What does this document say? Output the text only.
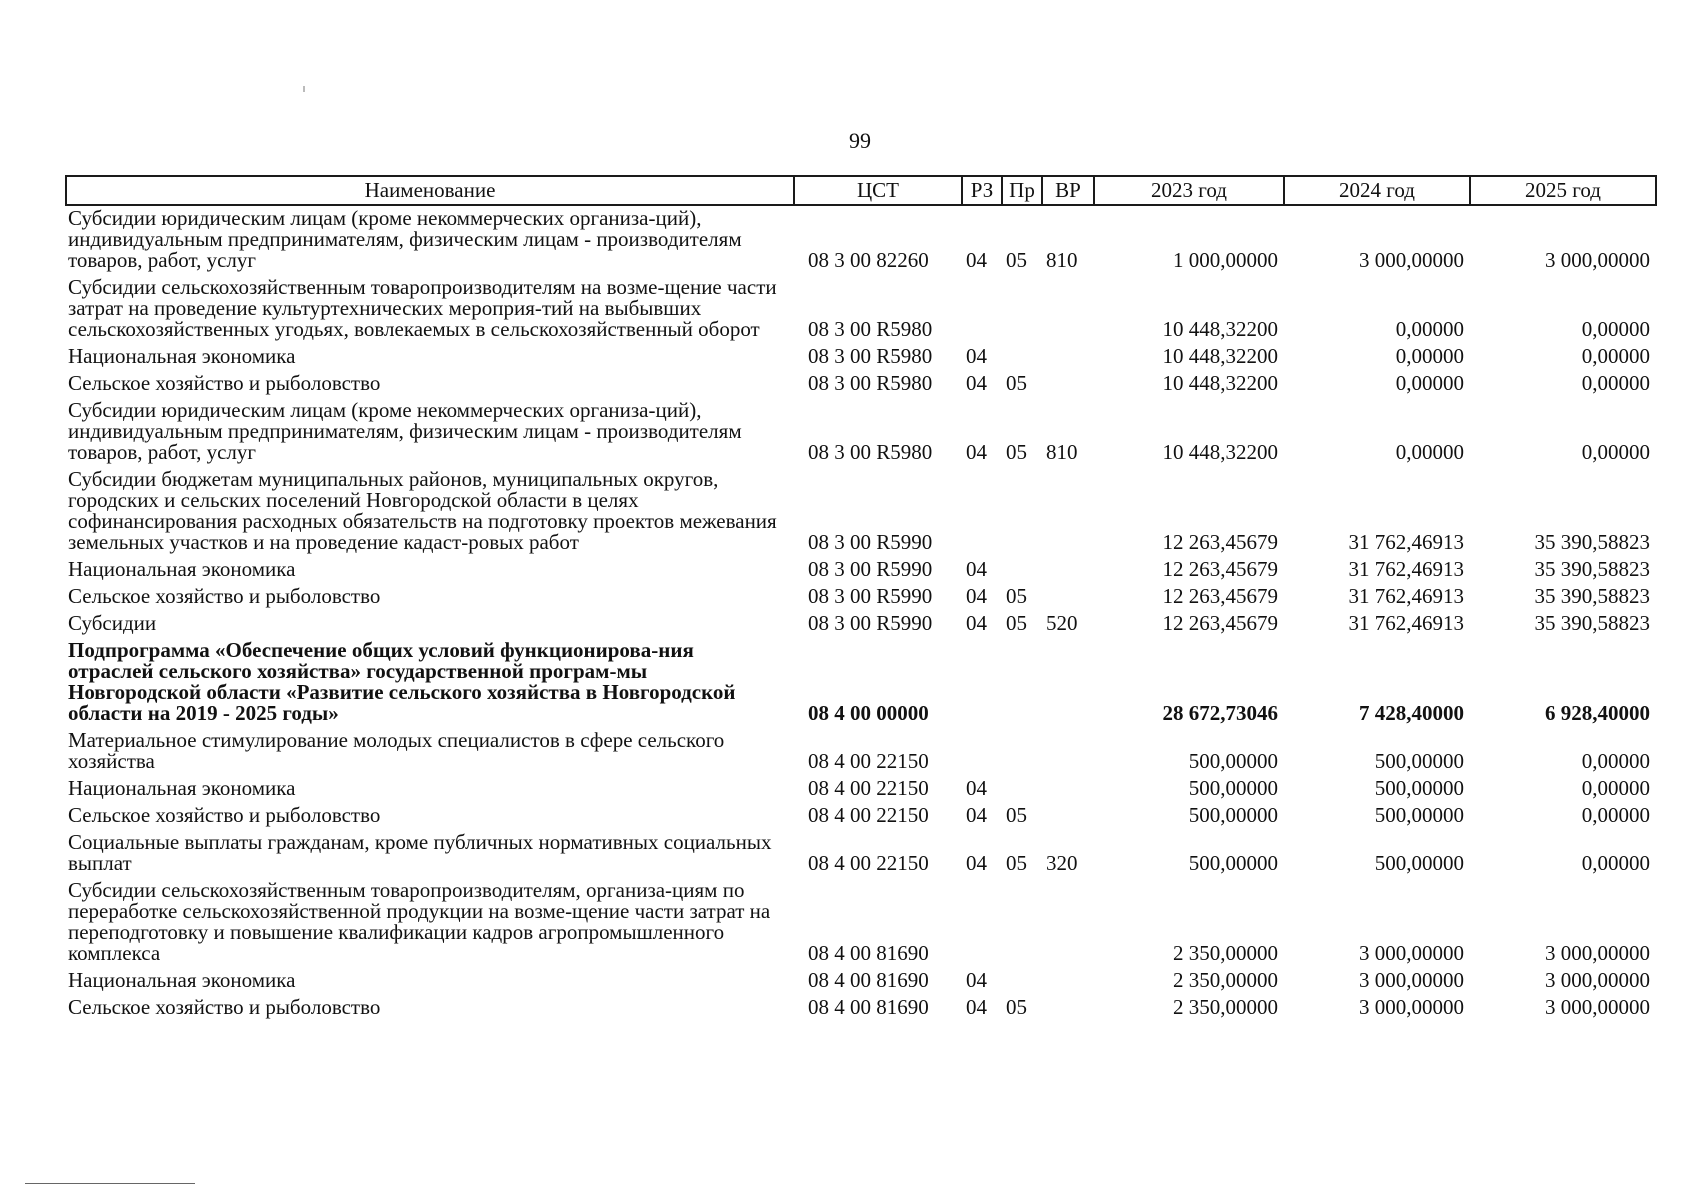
99
Наименование	ЦСТ	РЗ	Пр	ВР	2023 год	2024 год	2025 год
Субсидии юридическим лицам (кроме некоммерческих организа-ций), индивидуальным предпринимателям, физическим лицам - производителям товаров, работ, услуг	08 3 00 82260	04	05	810	1 000,00000	3 000,00000	3 000,00000
Субсидии сельскохозяйственным товаропроизводителям на возме-щение части затрат на проведение культуртехнических мероприя-тий на выбывших сельскохозяйственных угодьях, вовлекаемых в сельскохозяйственный оборот	08 3 00 R5980				10 448,32200	0,00000	0,00000
Национальная экономика	08 3 00 R5980	04			10 448,32200	0,00000	0,00000
Сельское хозяйство и рыболовство	08 3 00 R5980	04	05		10 448,32200	0,00000	0,00000
Субсидии юридическим лицам (кроме некоммерческих организа-ций), индивидуальным предпринимателям, физическим лицам - производителям товаров, работ, услуг	08 3 00 R5980	04	05	810	10 448,32200	0,00000	0,00000
Субсидии бюджетам муниципальных районов, муниципальных округов, городских и сельских поселений Новгородской области в целях софинансирования расходных обязательств на подготовку проектов межевания земельных участков и на проведение кадаст-ровых работ	08 3 00 R5990				12 263,45679	31 762,46913	35 390,58823
Национальная экономика	08 3 00 R5990	04			12 263,45679	31 762,46913	35 390,58823
Сельское хозяйство и рыболовство	08 3 00 R5990	04	05		12 263,45679	31 762,46913	35 390,58823
Субсидии	08 3 00 R5990	04	05	520	12 263,45679	31 762,46913	35 390,58823
Подпрограмма «Обеспечение общих условий функционирова-ния отраслей сельского хозяйства» государственной програм-мы Новгородской области «Развитие сельского хозяйства в Новгородской области на 2019 - 2025 годы»	08 4 00 00000				28 672,73046	7 428,40000	6 928,40000
Материальное стимулирование молодых специалистов в сфере сельского хозяйства	08 4 00 22150				500,00000	500,00000	0,00000
Национальная экономика	08 4 00 22150	04			500,00000	500,00000	0,00000
Сельское хозяйство и рыболовство	08 4 00 22150	04	05		500,00000	500,00000	0,00000
Социальные выплаты гражданам, кроме публичных нормативных социальных выплат	08 4 00 22150	04	05	320	500,00000	500,00000	0,00000
Субсидии сельскохозяйственным товаропроизводителям, организа-циям по переработке сельскохозяйственной продукции на возме-щение части затрат на переподготовку и повышение квалификации кадров агропромышленного комплекса	08 4 00 81690				2 350,00000	3 000,00000	3 000,00000
Национальная экономика	08 4 00 81690	04			2 350,00000	3 000,00000	3 000,00000
Сельское хозяйство и рыболовство	08 4 00 81690	04	05		2 350,00000	3 000,00000	3 000,00000
